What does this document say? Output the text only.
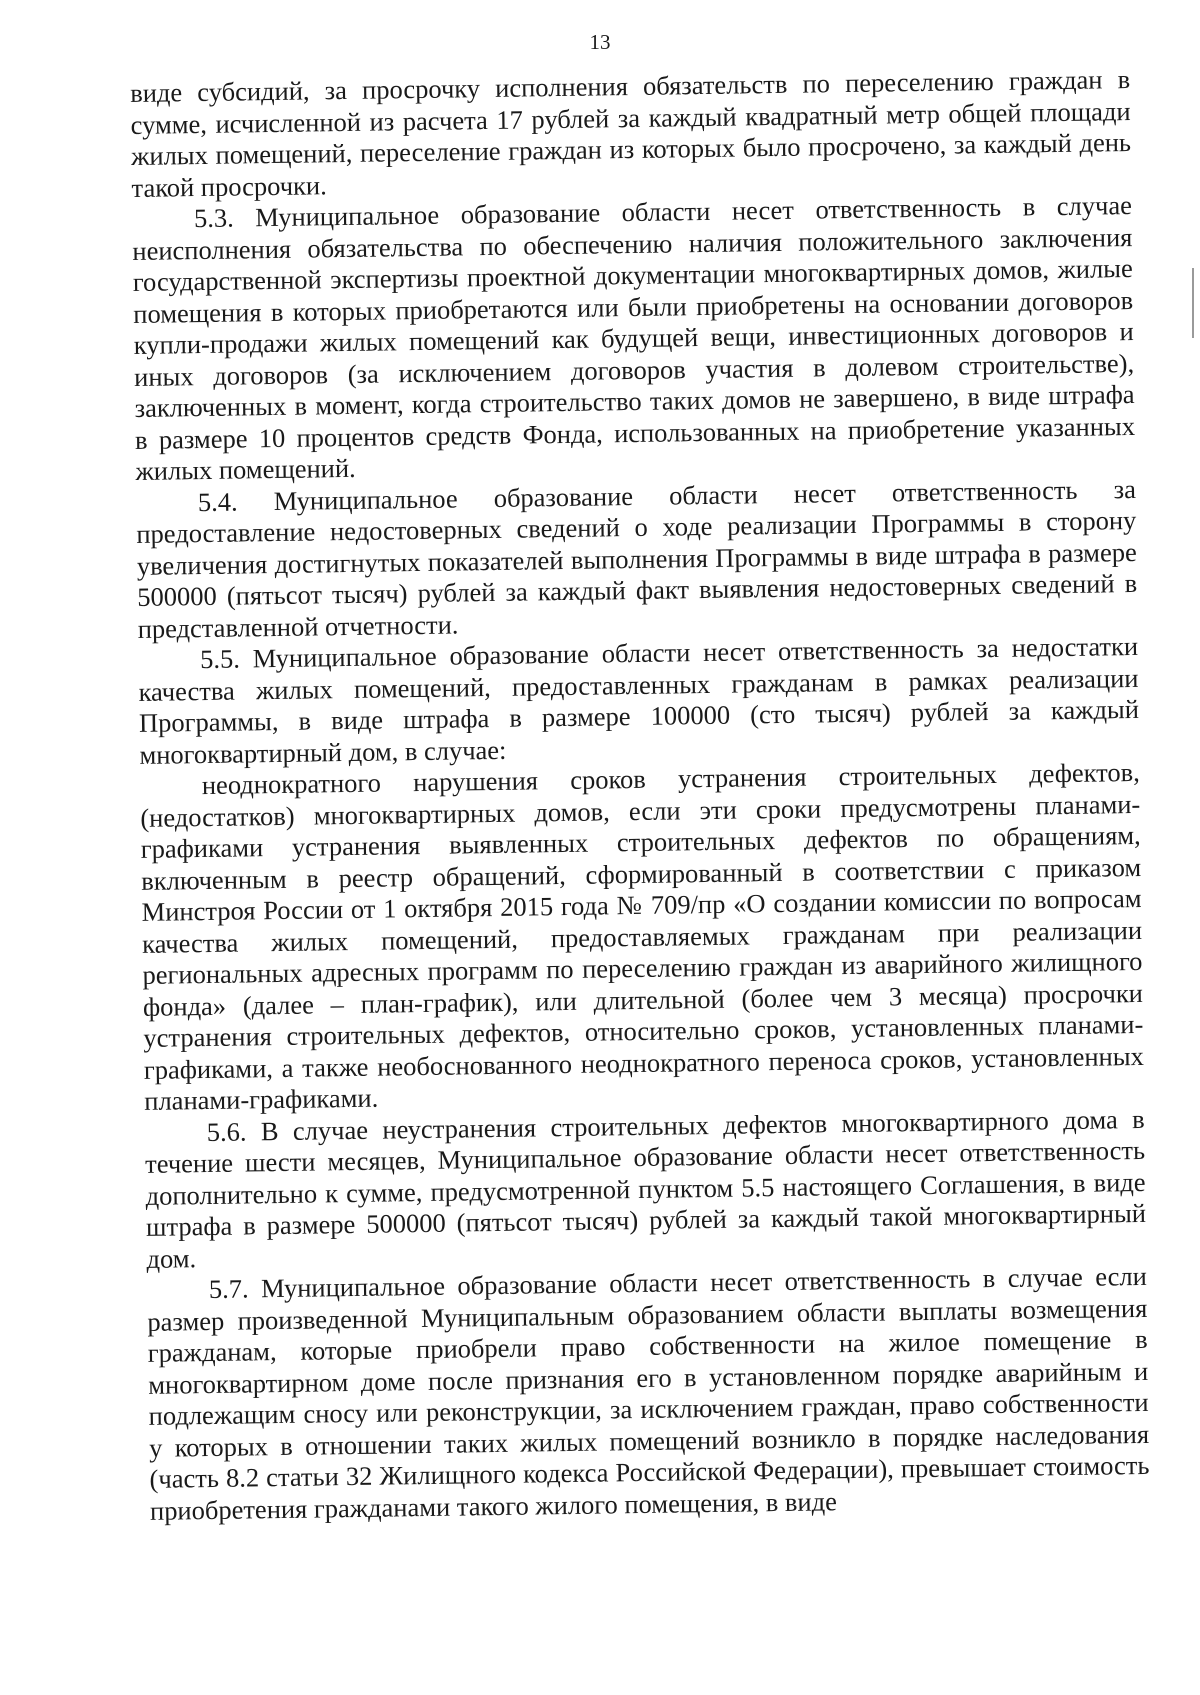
13

виде субсидий, за просрочку исполнения обязательств по переселению граждан в сумме, исчисленной из расчета 17 рублей за каждый квадратный метр общей площади жилых помещений, переселение граждан из которых было просрочено, за каждый день такой просрочки.

5.3. Муниципальное образование области несет ответственность в случае неисполнения обязательства по обеспечению наличия положительного заключения государственной экспертизы проектной документации многоквартирных домов, жилые помещения в которых приобретаются или были приобретены на основании договоров купли-продажи жилых помещений как будущей вещи, инвестиционных договоров и иных договоров (за исключением договоров участия в долевом строительстве), заключенных в момент, когда строительство таких домов не завершено, в виде штрафа в размере 10 процентов средств Фонда, использованных на приобретение указанных жилых помещений.

5.4. Муниципальное образование области несет ответственность за предоставление недостоверных сведений о ходе реализации Программы в сторону увеличения достигнутых показателей выполнения Программы в виде штрафа в размере 500000 (пятьсот тысяч) рублей за каждый факт выявления недостоверных сведений в представленной отчетности.

5.5. Муниципальное образование области несет ответственность за недостатки качества жилых помещений, предоставленных гражданам в рамках реализации Программы, в виде штрафа в размере 100000 (сто тысяч) рублей за каждый многоквартирный дом, в случае:

неоднократного нарушения сроков устранения строительных дефектов, (недостатков) многоквартирных домов, если эти сроки предусмотрены планами-графиками устранения выявленных строительных дефектов по обращениям, включенным в реестр обращений, сформированный в соответствии с приказом Минстроя России от 1 октября 2015 года № 709/пр «О создании комиссии по вопросам качества жилых помещений, предоставляемых гражданам при реализации региональных адресных программ по переселению граждан из аварийного жилищного фонда» (далее – план-график), или длительной (более чем 3 месяца) просрочки устранения строительных дефектов, относительно сроков, установленных планами-графиками, а также необоснованного неоднократного переноса сроков, установленных планами-графиками.

5.6. В случае неустранения строительных дефектов многоквартирного дома в течение шести месяцев, Муниципальное образование области несет ответственность дополнительно к сумме, предусмотренной пунктом 5.5 настоящего Соглашения, в виде штрафа в размере 500000 (пятьсот тысяч) рублей за каждый такой многоквартирный дом.

5.7. Муниципальное образование области несет ответственность в случае если размер произведенной Муниципальным образованием области выплаты возмещения гражданам, которые приобрели право собственности на жилое помещение в многоквартирном доме после признания его в установленном порядке аварийным и подлежащим сносу или реконструкции, за исключением граждан, право собственности у которых в отношении таких жилых помещений возникло в порядке наследования (часть 8.2 статьи 32 Жилищного кодекса Российской Федерации), превышает стоимость приобретения гражданами такого жилого помещения, в виде
